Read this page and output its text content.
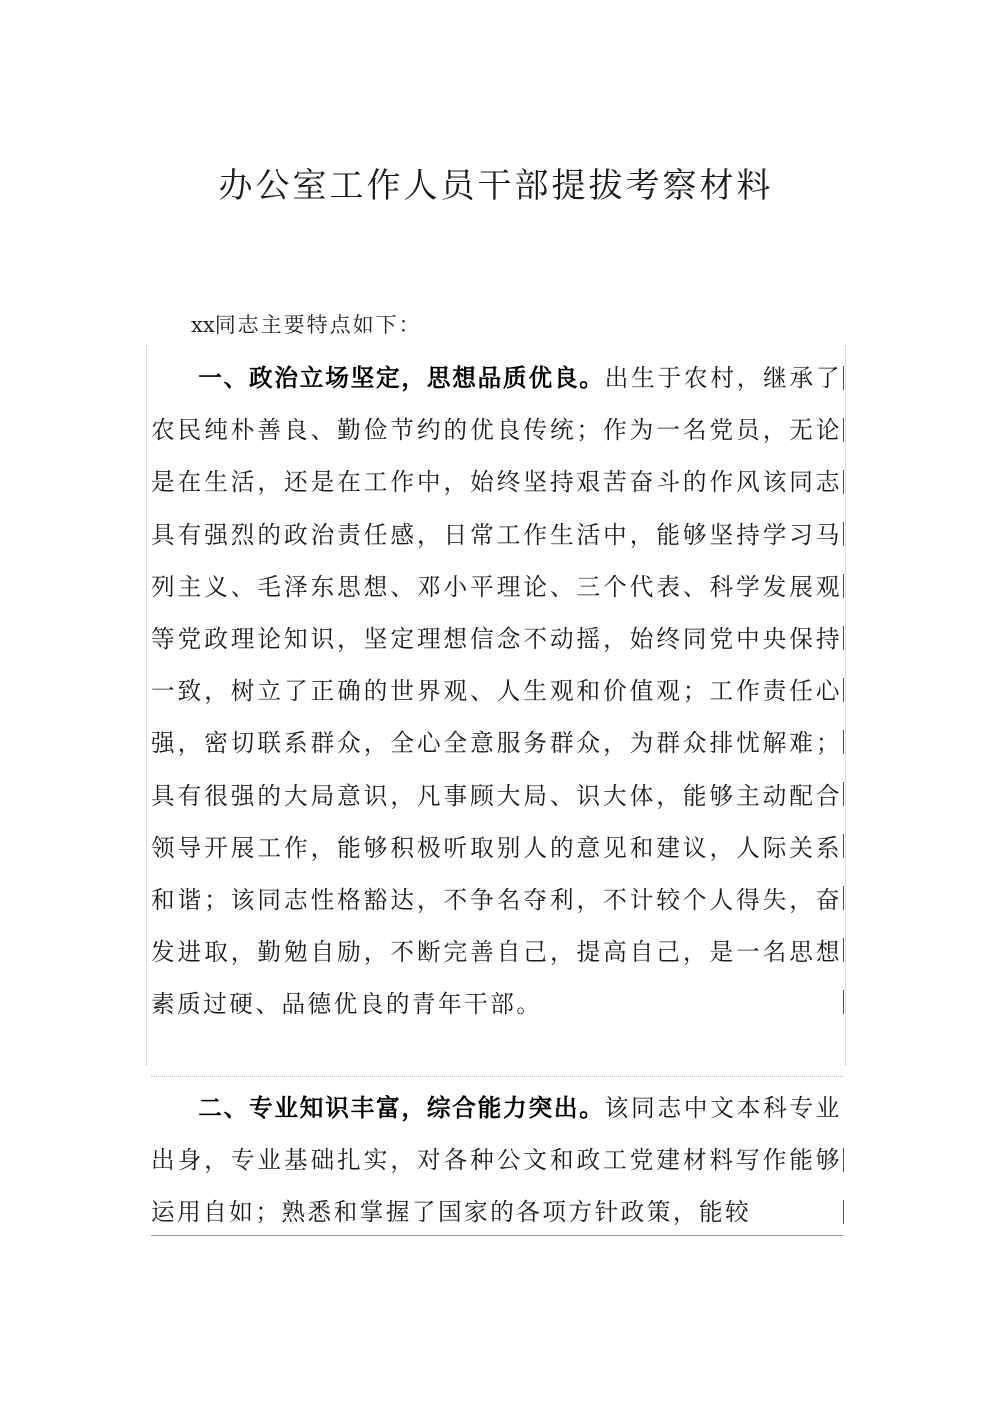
办公室工作人员干部提拔考察材料
xx同志主要特点如下：

一、政治立场坚定，思想品质优良。出生于农村，继承了农民纯朴善良、勤俭节约的优良传统；作为一名党员，无论是在生活，还是在工作中，始终坚持艰苦奋斗的作风该同志具有强烈的政治责任感，日常工作生活中，能够坚持学习马列主义、毛泽东思想、邓小平理论、三个代表、科学发展观等党政理论知识，坚定理想信念不动摇，始终同党中央保持一致，树立了正确的世界观、人生观和价值观；工作责任心强，密切联系群众，全心全意服务群众，为群众排忧解难；具有很强的大局意识，凡事顾大局、识大体，能够主动配合领导开展工作，能够积极听取别人的意见和建议，人际关系和谐；该同志性格豁达，不争名夺利，不计较个人得失，奋发进取，勤勉自励，不断完善自己，提高自己，是一名思想素质过硬、品德优良的青年干部。

二、专业知识丰富，综合能力突出。该同志中文本科专业出身，专业基础扎实，对各种公文和政工党建材料写作能够运用自如；熟悉和掌握了国家的各项方针政策，能较
